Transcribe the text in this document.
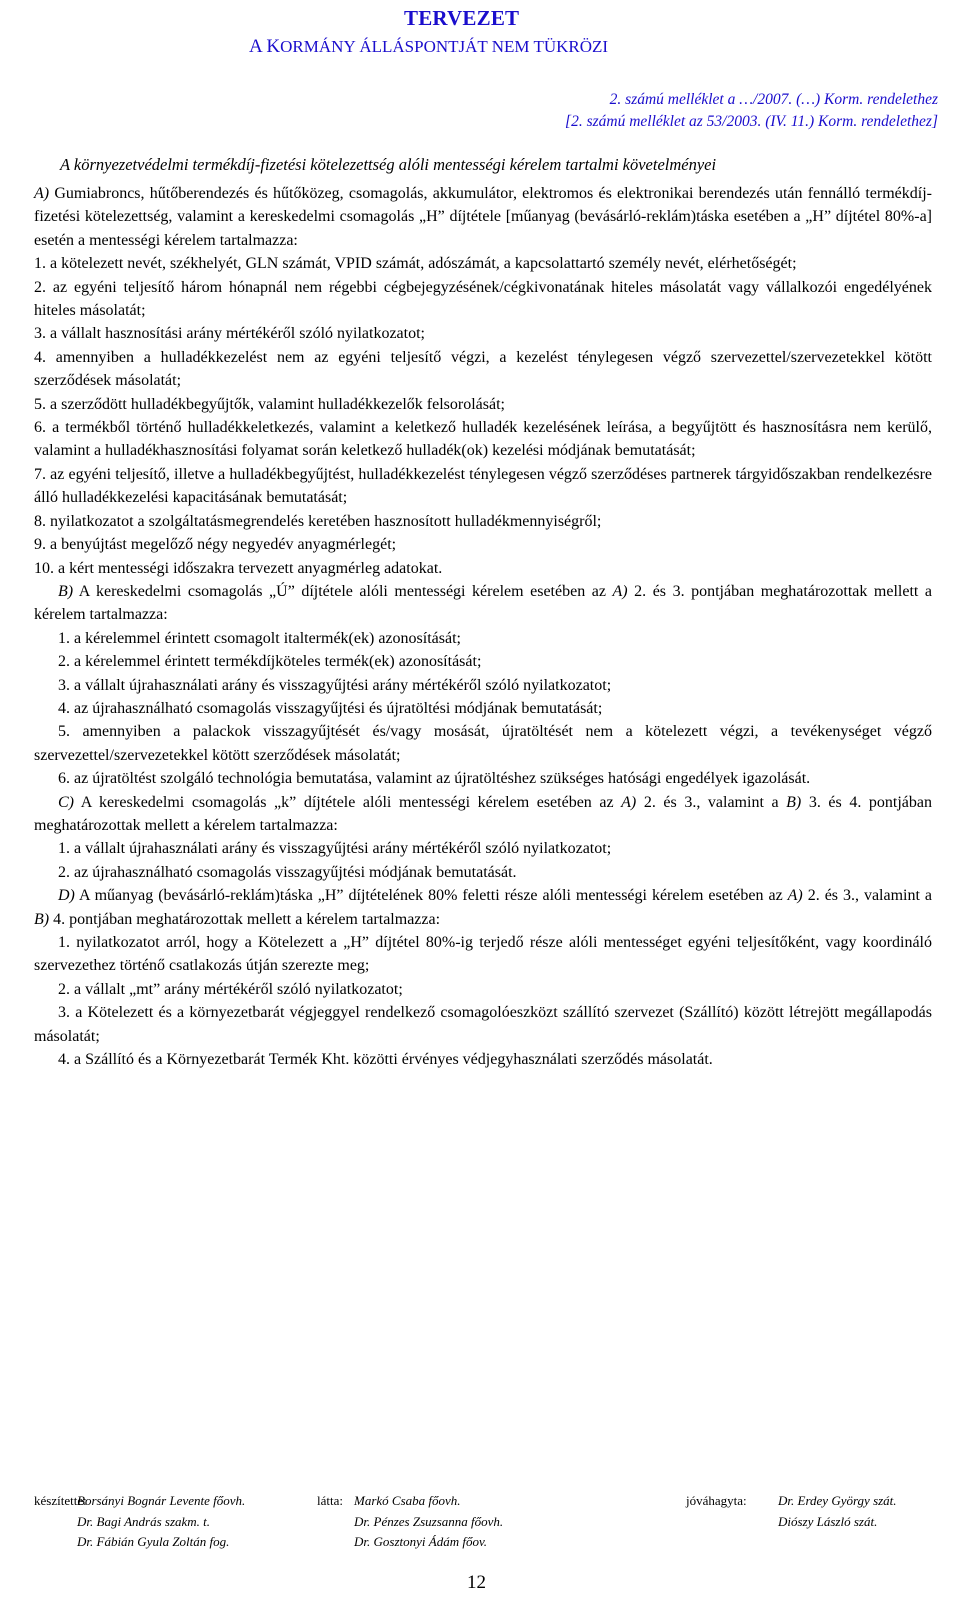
TERVEZET
A KORMÁNY ÁLLÁSPONTJÁT NEM TÜKRÖZI
2. számú melléklet a …/2007. (…) Korm. rendelethez
[2. számú melléklet az 53/2003. (IV. 11.) Korm. rendelethez]
A környezetvédelmi termékdíj-fizetési kötelezettség alóli mentességi kérelem tartalmi követelményei

A) Gumiabroncs, hűtőberendezés és hűtőközeg, csomagolás, akkumulátor, elektromos és elektronikai berendezés után fennálló termékdíj-fizetési kötelezettség, valamint a kereskedelmi csomagolás „H” díjtétele [műanyag (bevásárló-reklám)táska esetében a „H” díjtétel 80%-a] esetén a mentességi kérelem tartalmazza:

1. a kötelezett nevét, székhelyét, GLN számát, VPID számát, adószámát, a kapcsolattartó személy nevét, elérhetőségét;

2. az egyéni teljesítő három hónapnál nem régebbi cégbejegyzésének/cégkivonatának hiteles másolatát vagy vállalkozói engedélyének hiteles másolatát;

3. a vállalt hasznosítási arány mértékéről szóló nyilatkozatot;

4. amennyiben a hulladékkezelést nem az egyéni teljesítő végzi, a kezelést ténylegesen végző szervezettel/szervezetekkel kötött szerződések másolatát;

5. a szerződött hulladékbegyűjtők, valamint hulladékkezelők felsorolását;

6. a termékből történő hulladékkeletkezés, valamint a keletkező hulladék kezelésének leírása, a begyűjtött és hasznosításra nem kerülő, valamint a hulladékhasznosítási folyamat során keletkező hulladék(ok) kezelési módjának bemutatását;

7. az egyéni teljesítő, illetve a hulladékbegyűjtést, hulladékkezelést ténylegesen végző szerződéses partnerek tárgyidőszakban rendelkezésre álló hulladékkezelési kapacitásának bemutatását;

8. nyilatkozatot a szolgáltatásmegrendelés keretében hasznosított hulladékmennyiségről;

9. a benyújtást megelőző négy negyedév anyagmérlegét;

10. a kért mentességi időszakra tervezett anyagmérleg adatokat.

B) A kereskedelmi csomagolás „Ú” díjtétele alóli mentességi kérelem esetében az A) 2. és 3. pontjában meghatározottak mellett a kérelem tartalmazza:

1. a kérelemmel érintett csomagolt italtermék(ek) azonosítását;

2. a kérelemmel érintett termékdíjköteles termék(ek) azonosítását;

3. a vállalt újrahasználati arány és visszagyűjtési arány mértékéről szóló nyilatkozatot;

4. az újrahasználható csomagolás visszagyűjtési és újratöltési módjának bemutatását;

5. amennyiben a palackok visszagyűjtését és/vagy mosását, újratöltését nem a kötelezett végzi, a tevékenységet végző szervezettel/szervezetekkel kötött szerződések másolatát;

6. az újratöltést szolgáló technológia bemutatása, valamint az újratöltéshez szükséges hatósági engedélyek igazolását.

C) A kereskedelmi csomagolás „k” díjtétele alóli mentességi kérelem esetében az A) 2. és 3., valamint a B) 3. és 4. pontjában meghatározottak mellett a kérelem tartalmazza:

1. a vállalt újrahasználati arány és visszagyűjtési arány mértékéről szóló nyilatkozatot;

2. az újrahasználható csomagolás visszagyűjtési módjának bemutatását.

D) A műanyag (bevásárló-reklám)táska „H” díjtételének 80% feletti része alóli mentességi kérelem esetében az A) 2. és 3., valamint a B) 4. pontjában meghatározottak mellett a kérelem tartalmazza:

1. nyilatkozatot arról, hogy a Kötelezett a „H” díjtétel 80%-ig terjedő része alóli mentességet egyéni teljesítőként, vagy koordináló szervezethez történő csatlakozás útján szerezte meg;

2. a vállalt „mt” arány mértékéről szóló nyilatkozatot;

3. a Kötelezett és a környezetbarát végjeggyel rendelkező csomagolóeszközt szállító szervezet (Szállító) között létrejött megállapodás másolatát;

4. a Szállító és a Környezetbarát Termék Kht. közötti érvényes védjegyhasználati szerződés másolatát.

készítette:
Borsányi Bognár Levente főovh.
Dr. Bagi András szakm. t.
Dr. Fábián Gyula Zoltán fog.
látta: Markó Csaba főovh.
Dr. Pénzes Zsuzsanna főovh.
Dr. Gosztonyi Ádám főov.
jóváhagyta: Dr. Erdey György szát.
Diószy László szát.
12
